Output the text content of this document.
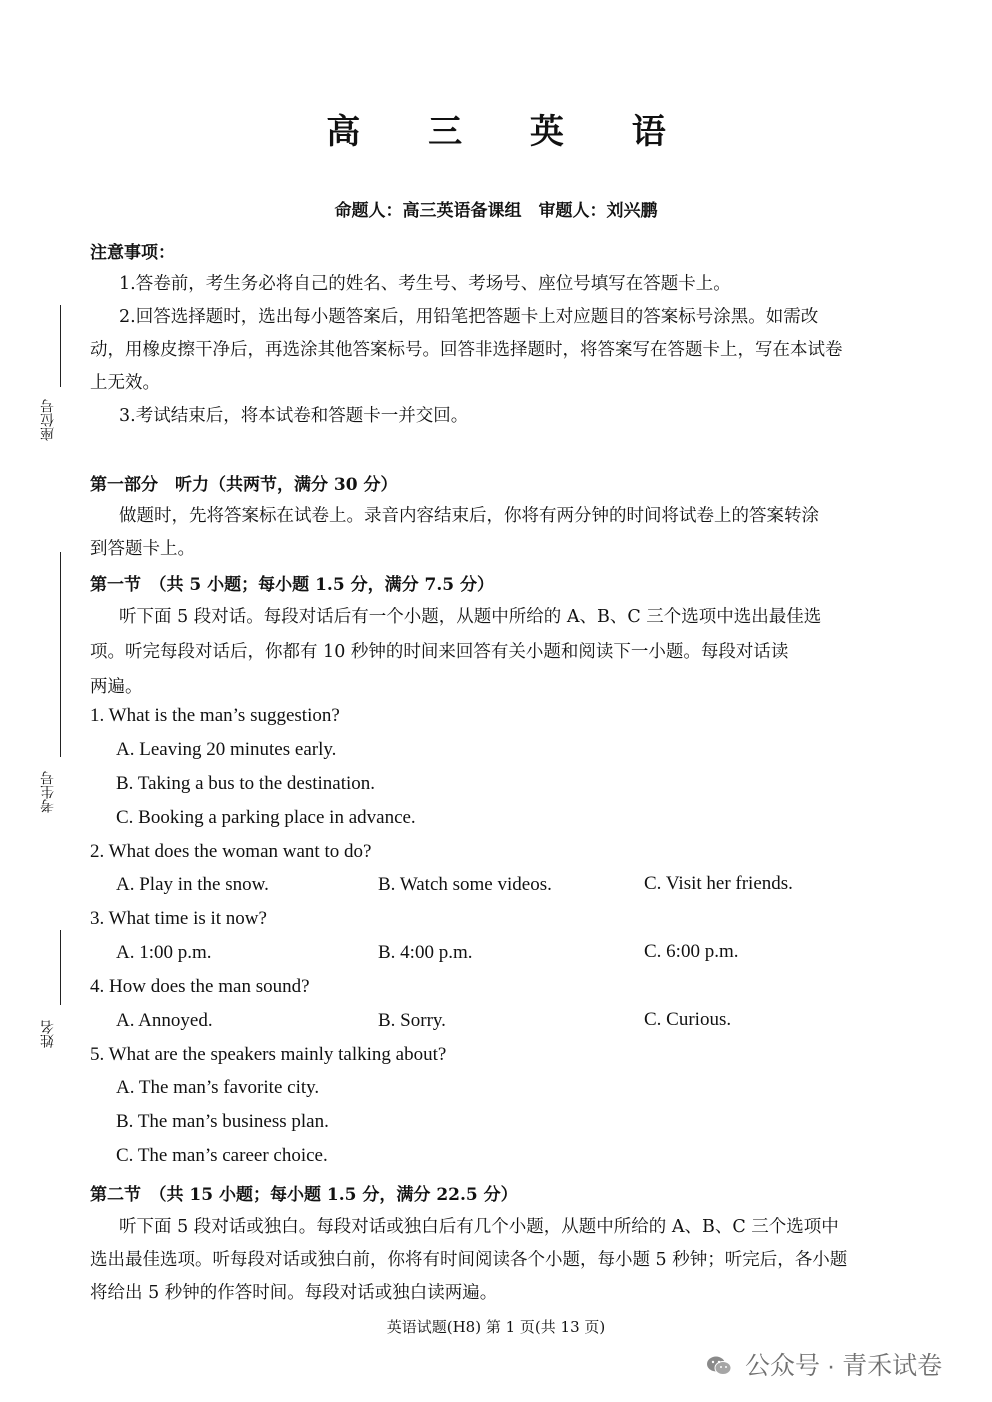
高 三 英 语
命题人：高三英语备课组　审题人：刘兴鹏
座位号
考生号
姓名
注意事项：
1.答卷前，考生务必将自己的姓名、考生号、考场号、座位号填写在答题卡上。
2.回答选择题时，选出每小题答案后，用铅笔把答题卡上对应题目的答案标号涂黑。如需改
动，用橡皮擦干净后，再选涂其他答案标号。回答非选择题时，将答案写在答题卡上，写在本试卷
上无效。
3.考试结束后，将本试卷和答题卡一并交回。
第一部分　听力（共两节，满分 30 分）
做题时，先将答案标在试卷上。录音内容结束后，你将有两分钟的时间将试卷上的答案转涂
到答题卡上。
第一节　（共 5 小题；每小题 1.5 分，满分 7.5 分）
听下面 5 段对话。每段对话后有一个小题，从题中所给的 A、B、C 三个选项中选出最佳选
项。听完每段对话后，你都有 10 秒钟的时间来回答有关小题和阅读下一小题。每段对话读
两遍。
1. What is the man’s suggestion?
A. Leaving 20 minutes early.
B. Taking a bus to the destination.
C. Booking a parking place in advance.
2. What does the woman want to do?
A. Play in the snow.	B. Watch some videos.	C. Visit her friends.
3. What time is it now?
A. 1:00 p.m.	B. 4:00 p.m.	C. 6:00 p.m.
4. How does the man sound?
A. Annoyed.	B. Sorry.	C. Curious.
5. What are the speakers mainly talking about?
A. The man’s favorite city.
B. The man’s business plan.
C. The man’s career choice.
第二节　（共 15 小题；每小题 1.5 分，满分 22.5 分）
听下面 5 段对话或独白。每段对话或独白后有几个小题，从题中所给的 A、B、C 三个选项中
选出最佳选项。听每段对话或独白前，你将有时间阅读各个小题，每小题 5 秒钟；听完后，各小题
将给出 5 秒钟的作答时间。每段对话或独白读两遍。
英语试题(H8) 第 1 页(共 13 页)
公众号 · 青禾试卷
